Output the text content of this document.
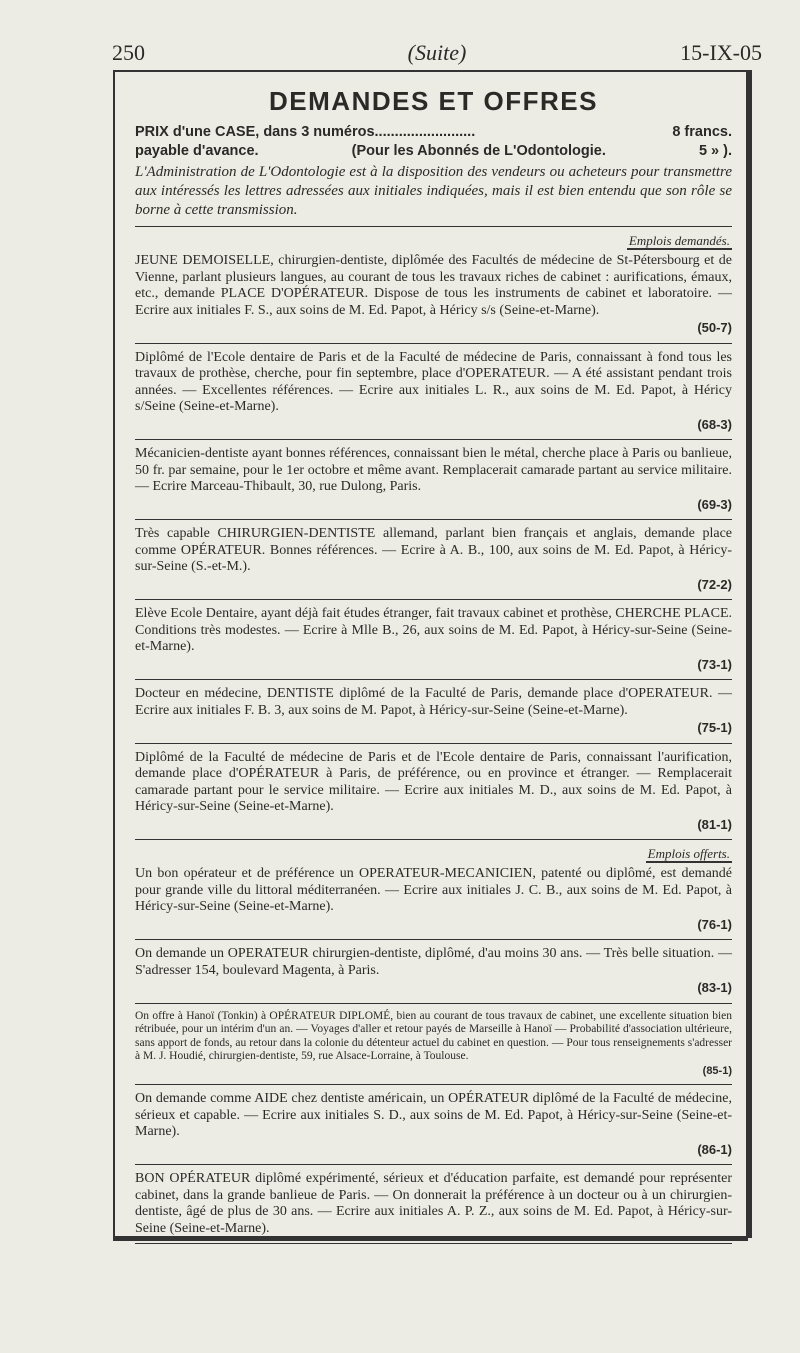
250	(Suite)	15-IX-05
DEMANDES ET OFFRES
PRIX d'une CASE, dans 3 numéros.........................	8 francs.
payable d'avance.	(Pour les Abonnés de L'Odontologie.	5 » ).
L'Administration de L'Odontologie est à la disposition des vendeurs ou acheteurs pour transmettre aux intéressés les lettres adressées aux initiales indiquées, mais il est bien entendu que son rôle se borne à cette transmission.
Emplois demandés.
JEUNE DEMOISELLE, chirurgien-dentiste, diplômée des Facultés de médecine de St-Pétersbourg et de Vienne, parlant plusieurs langues, au courant de tous les travaux riches de cabinet : aurifications, émaux, etc., demande PLACE D'OPÉRATEUR. Dispose de tous les instruments de cabinet et laboratoire. — Ecrire aux initiales F. S., aux soins de M. Ed. Papot, à Héricy s/s (Seine-et-Marne).
(50-7)
Diplômé de l'Ecole dentaire de Paris et de la Faculté de médecine de Paris, connaissant à fond tous les travaux de prothèse, cherche, pour fin septembre, place d'OPERATEUR. — A été assistant pendant trois années. — Excellentes références. — Ecrire aux initiales L. R., aux soins de M. Ed. Papot, à Héricy s/Seine (Seine-et-Marne).
(68-3)
Mécanicien-dentiste ayant bonnes références, connaissant bien le métal, cherche place à Paris ou banlieue, 50 fr. par semaine, pour le 1er octobre et même avant. Remplacerait camarade partant au service militaire. — Ecrire Marceau-Thibault, 30, rue Dulong, Paris.
(69-3)
Très capable CHIRURGIEN-DENTISTE allemand, parlant bien français et anglais, demande place comme OPÉRATEUR. Bonnes références. — Ecrire à A. B., 100, aux soins de M. Ed. Papot, à Héricy-sur-Seine (S.-et-M.).
(72-2)
Elève Ecole Dentaire, ayant déjà fait études étranger, fait travaux cabinet et prothèse, CHERCHE PLACE. Conditions très modestes. — Ecrire à Mlle B., 26, aux soins de M. Ed. Papot, à Héricy-sur-Seine (Seine-et-Marne).
(73-1)
Docteur en médecine, DENTISTE diplômé de la Faculté de Paris, demande place d'OPERATEUR. — Ecrire aux initiales F. B. 3, aux soins de M. Papot, à Héricy-sur-Seine (Seine-et-Marne).
(75-1)
Diplômé de la Faculté de médecine de Paris et de l'Ecole dentaire de Paris, connaissant l'aurification, demande place d'OPÉRATEUR à Paris, de préférence, ou en province et étranger. — Remplacerait camarade partant pour le service militaire. — Ecrire aux initiales M. D., aux soins de M. Ed. Papot, à Héricy-sur-Seine (Seine-et-Marne).
(81-1)
Emplois offerts.
Un bon opérateur et de préférence un OPERATEUR-MECANICIEN, patenté ou diplômé, est demandé pour grande ville du littoral méditerranéen. — Ecrire aux initiales J. C. B., aux soins de M. Ed. Papot, à Héricy-sur-Seine (Seine-et-Marne).
(76-1)
On demande un OPERATEUR chirurgien-dentiste, diplômé, d'au moins 30 ans. — Très belle situation. — S'adresser 154, boulevard Magenta, à Paris.
(83-1)
On offre à Hanoï (Tonkin) à OPÉRATEUR DIPLOMÉ, bien au courant de tous travaux de cabinet, une excellente situation bien rétribuée, pour un intérim d'un an. — Voyages d'aller et retour payés de Marseille à Hanoï — Probabilité d'association ultérieure, sans apport de fonds, au retour dans la colonie du détenteur actuel du cabinet en question. — Pour tous renseignements s'adresser à M. J. Houdié, chirurgien-dentiste, 59, rue Alsace-Lorraine, à Toulouse.
(85-1)
On demande comme AIDE chez dentiste américain, un OPÉRATEUR diplômé de la Faculté de médecine, sérieux et capable. — Ecrire aux initiales S. D., aux soins de M. Ed. Papot, à Héricy-sur-Seine (Seine-et-Marne).
(86-1)
BON OPÉRATEUR diplômé expérimenté, sérieux et d'éducation parfaite, est demandé pour représenter cabinet, dans la grande banlieue de Paris. — On donnerait la préférence à un docteur ou à un chirurgien-dentiste, âgé de plus de 30 ans. — Ecrire aux initiales A. P. Z., aux soins de M. Ed. Papot, à Héricy-sur-Seine (Seine-et-Marne).
